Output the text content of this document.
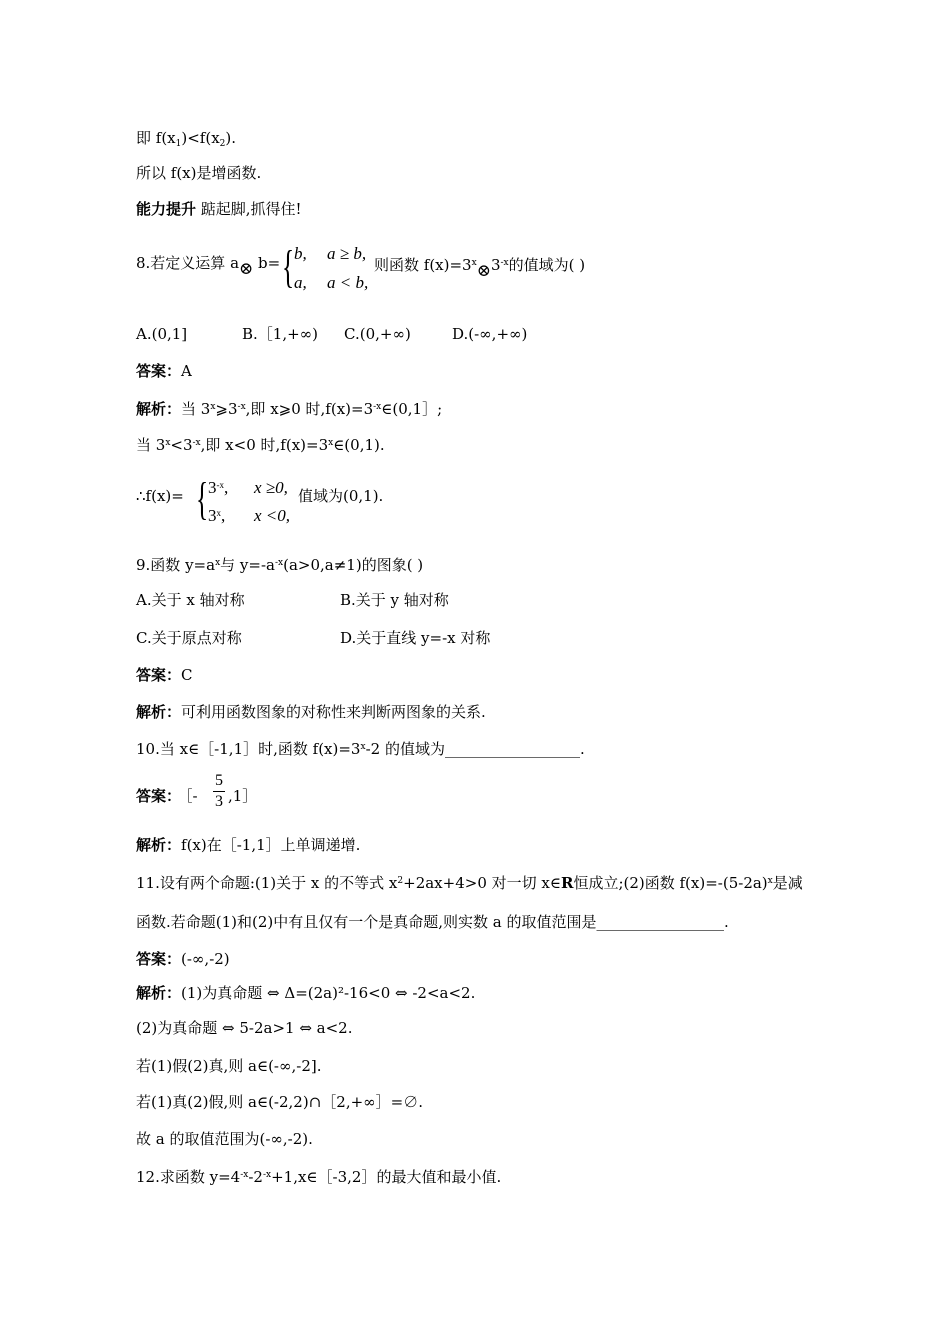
即 $f(x_1)<f(x_2)$.
所以 f(x)是增函数.
能力提升 踮起脚,抓得住!
8.若定义运算 a⊗ b= { b, a ≥ b,
a, a < b,
则函数 $f(x)=3^x\otimes 3^{-x}$的值域为( )
A.(0,1]	B.［1,+∞) C.(0,+∞)	D.(-∞,+∞)
答案：A
解析：当 $3^x⩾3^{-x}$,即 x⩾0 时$,f(x)=3^{-x}\in(0,1]$;
当 $3^x<3^{-x}$,即 x<0 时$,f(x)=3^x\in(0,1)$.
∴f(x)= { $3^{-x}$, x ≥0,
3$^x$, x <0,
值域为(0,1).
9.函数 $y=a^x$与 $y=-a^{-x}(a>0,a\ne 1)$的图象( )
A.关于 x 轴对称	B.关于 y 轴对称
C.关于原点对称	D.关于直线 y=-x 对称
答案：C
解析：可利用函数图象的对称性来判断两图象的关系.
10.当 x∈［-1,1］时,函数 $f(x)=3^x-2$ 的值域为__________________.
答案： ［-
5
3 ,1］
解析：f(x)在［-1,1］上单调递增.
11.设有两个命题:(1)关于 x 的不等式 $x^2+2ax+4>0$ 对一切 x∈R恒成立;(2)函数 $f(x)=-(5-2a)^x$是减
函数.若命题(1)和(2)中有且仅有一个是真命题,则实数 a 的取值范围是_________________.
答案：(-∞,-2)
解析：(1)为真命题 ⇔ Δ=(2a)²-16<0 ⇔ -2<a<2.
(2)为真命题 ⇔ 5-2a>1 ⇔ a<2.
若(1)假(2)真,则 a∈(-∞,-2].
若(1)真(2)假,则 a∈(-2,2)∩［2,+∞］=∅.
故 a 的取值范围为(-∞,-2).
12.求函数 $y=4^{-x}-2^{-x}+1,x\in[-3,2]$的最大值和最小值.
